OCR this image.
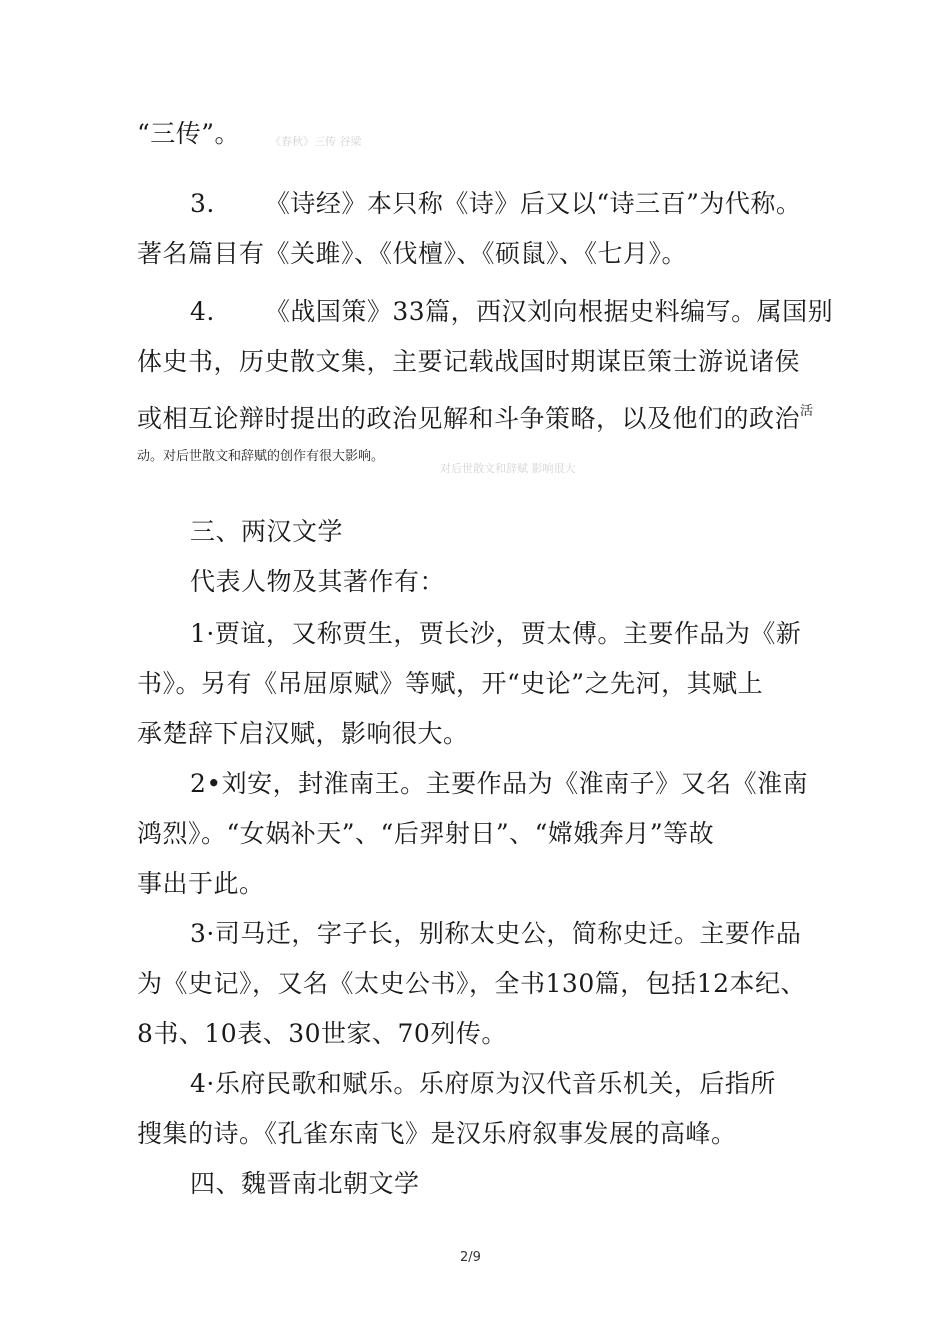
“三传”。	《春秋》三传 谷梁
3. 《诗经》本只称《诗》后又以“诗三百”为代称。
著名篇目有《关雎》、《伐檀》、《硕鼠》、《七月》。
4. 《战国策》33篇，西汉刘向根据史料编写。属国别
体史书，历史散文集，主要记载战国时期谋臣策士游说诸侯
或相互论辩时提出的政治见解和斗争策略，以及他们的政治$^活$
动。对后世散文和辞赋的创作有很大影响。
对后世散文和辞赋 影响很大
三、两汉文学
代表人物及其著作有：
1·贾谊，又称贾生，贾长沙，贾太傅。主要作品为《新
书》。另有《吊屈原赋》等赋，开“史论”之先河，其赋上
承楚辞下启汉赋，影响很大。
2•刘安，封淮南王。主要作品为《淮南子》又名《淮南
鸿烈》。“女娲补天”、“后羿射日”、“嫦娥奔月”等故
事出于此。
3·司马迁，字子长，别称太史公，简称史迁。主要作品
为《史记》，又名《太史公书》，全书130篇，包括12本纪、
8书、10表、30世家、70列传。
4·乐府民歌和赋乐。乐府原为汉代音乐机关，后指所
搜集的诗。《孔雀东南飞》是汉乐府叙事发展的高峰。
四、魏晋南北朝文学
2/9
